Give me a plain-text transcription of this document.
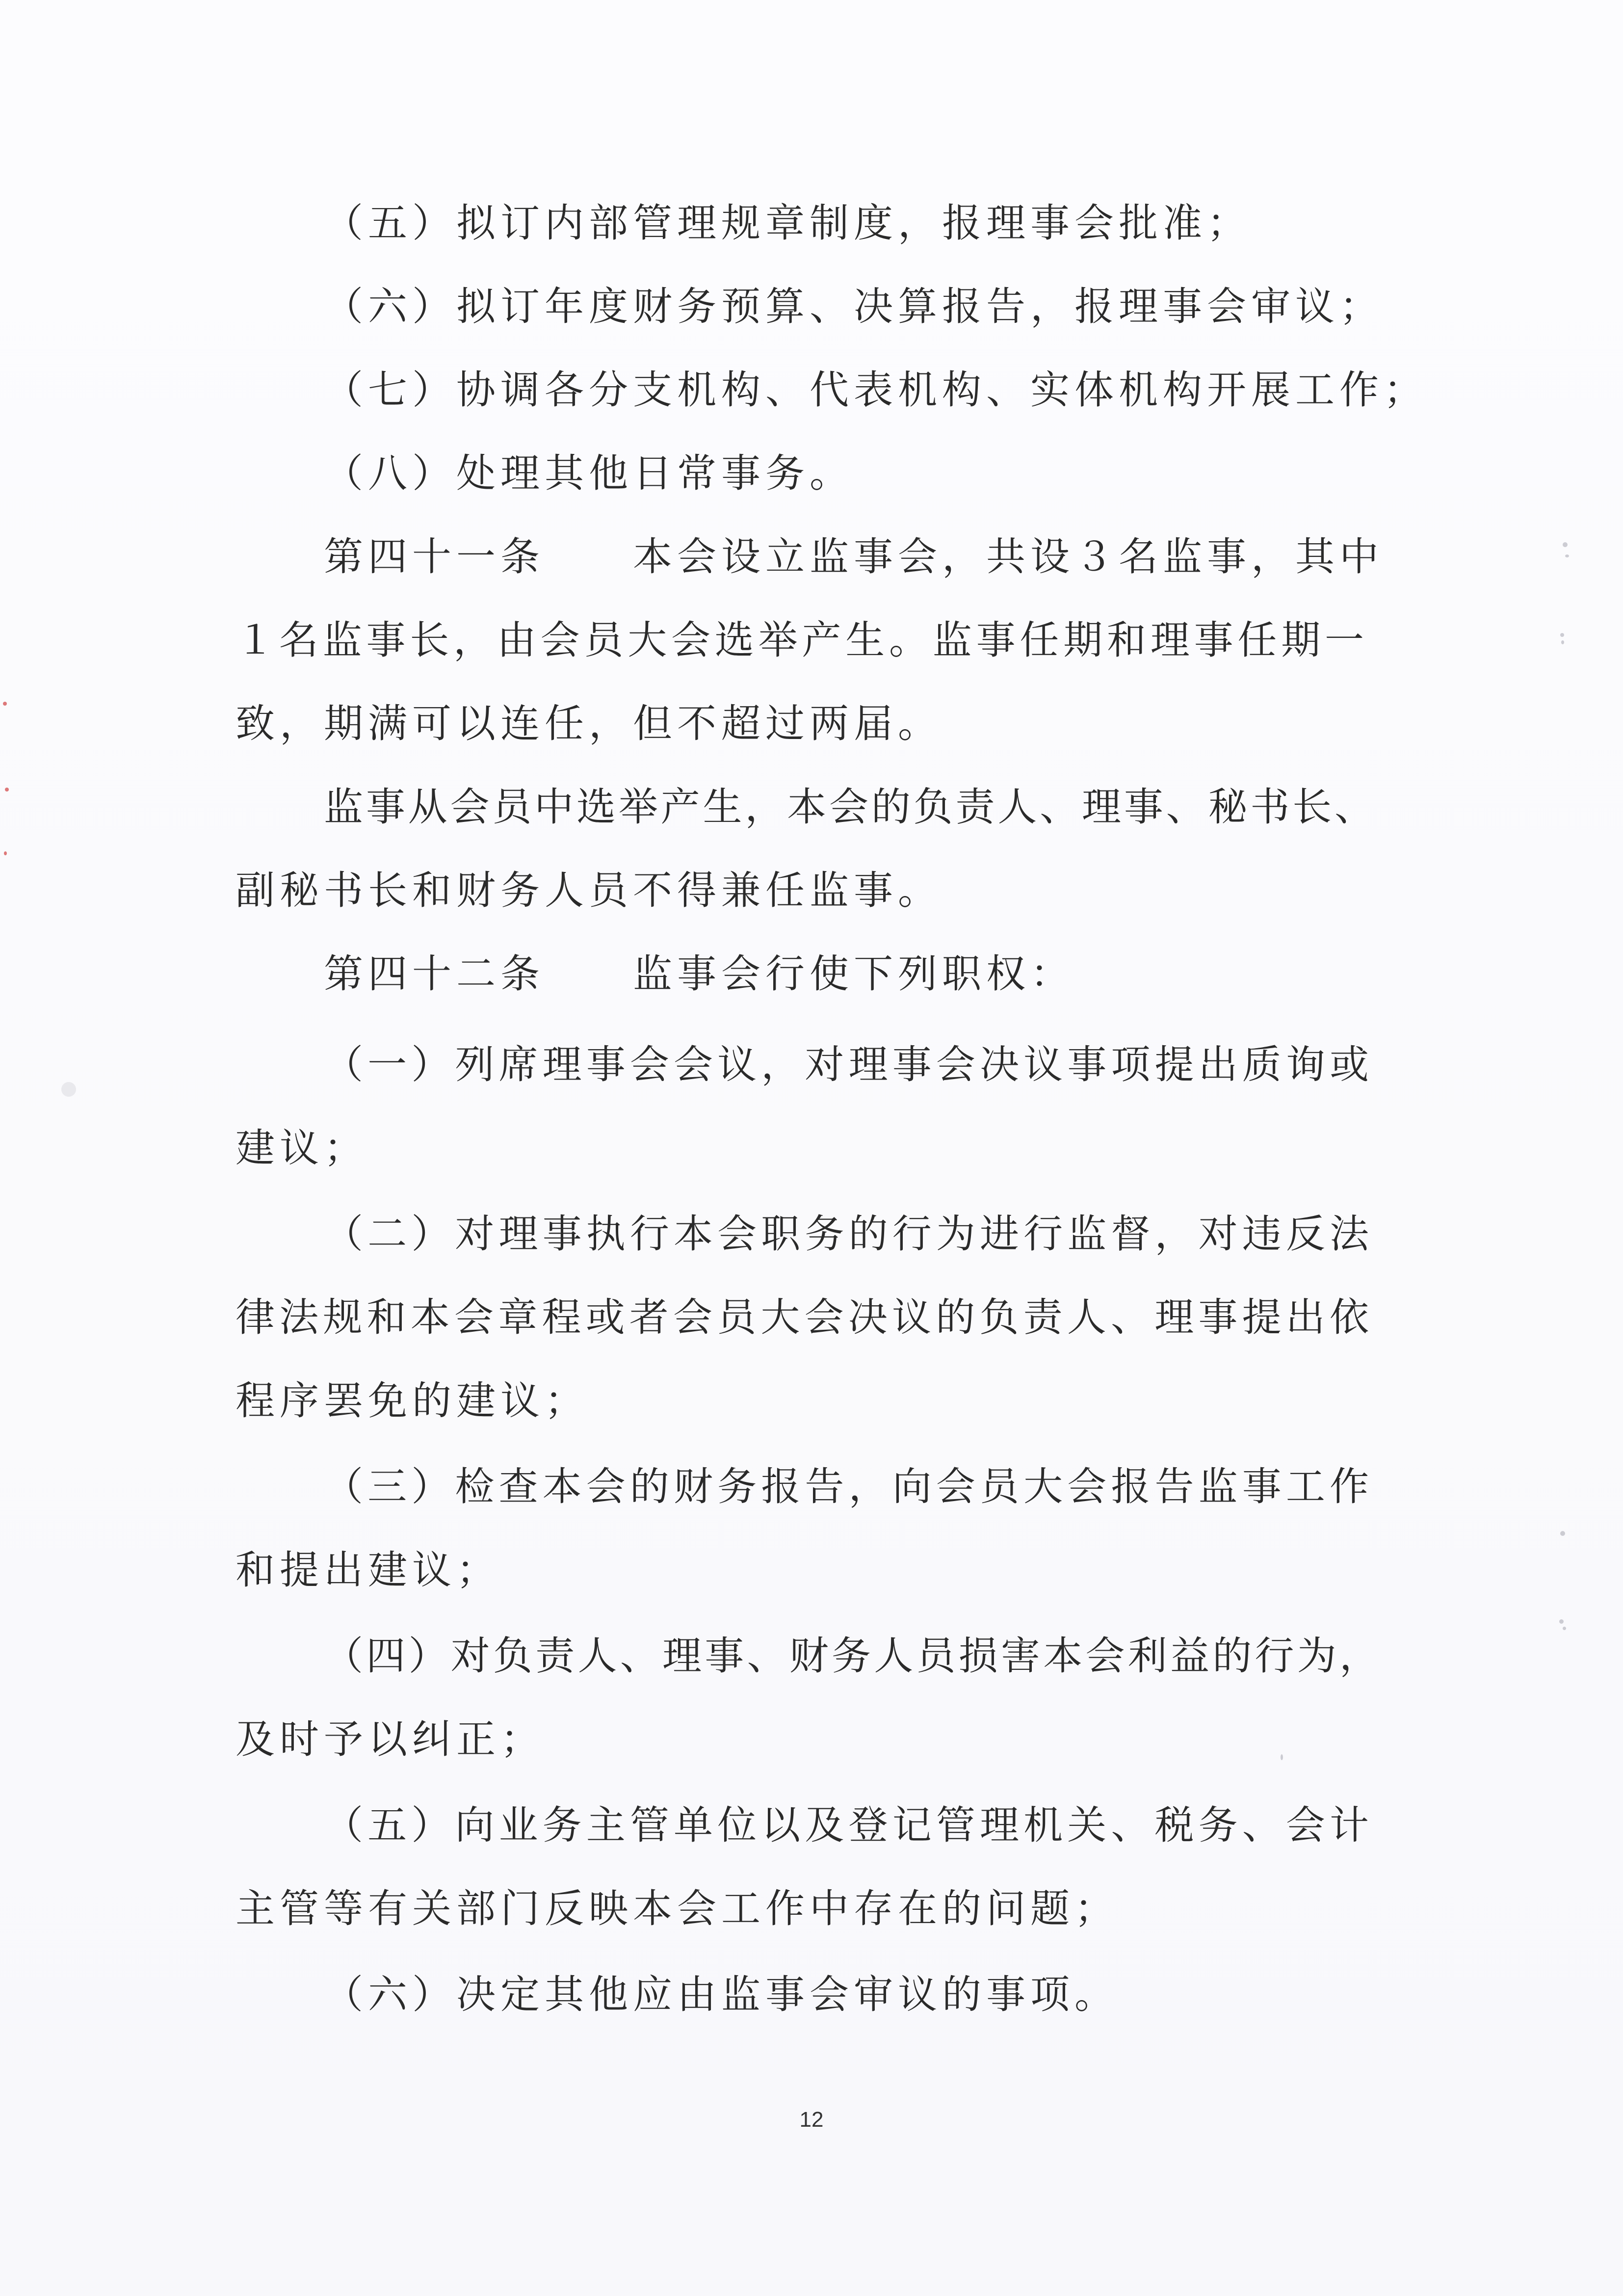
（五）拟订内部管理规章制度，报理事会批准；
（六）拟订年度财务预算、决算报告，报理事会审议；
（七）协调各分支机构、代表机构、实体机构开展工作；
（八）处理其他日常事务。
第四十一条　　本会设立监事会，共设３名监事，其中
１名监事长，由会员大会选举产生。监事任期和理事任期一
致，期满可以连任，但不超过两届。
监事从会员中选举产生，本会的负责人、理事、秘书长、
副秘书长和财务人员不得兼任监事。
第四十二条　　监事会行使下列职权：
（一）列席理事会会议，对理事会决议事项提出质询或
建议；
（二）对理事执行本会职务的行为进行监督，对违反法
律法规和本会章程或者会员大会决议的负责人、理事提出依
程序罢免的建议；
（三）检查本会的财务报告，向会员大会报告监事工作
和提出建议；
（四）对负责人、理事、财务人员损害本会利益的行为，
及时予以纠正；
（五）向业务主管单位以及登记管理机关、税务、会计
主管等有关部门反映本会工作中存在的问题；
（六）决定其他应由监事会审议的事项。
12
